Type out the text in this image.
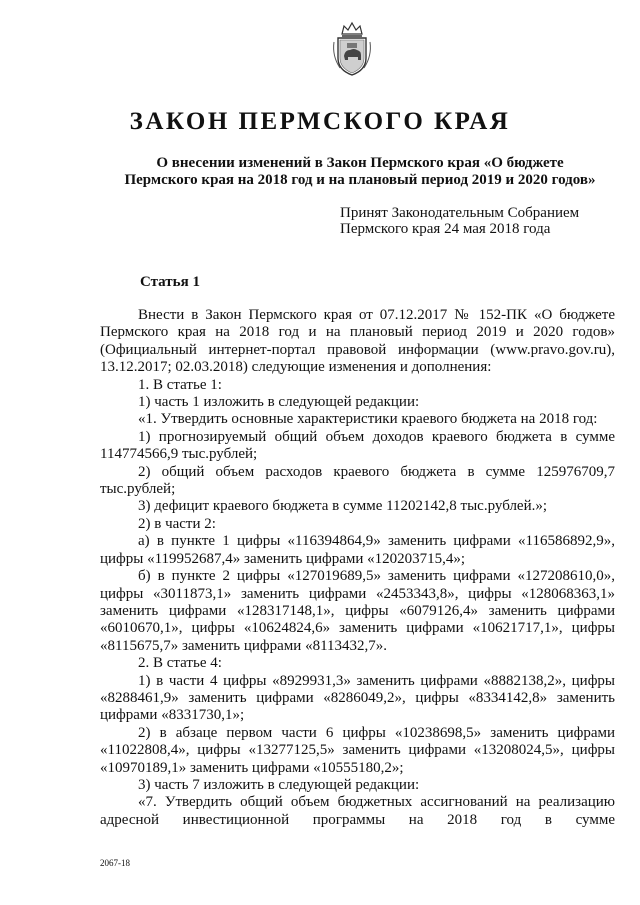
ЗАКОН ПЕРМСКОГО КРАЯ
О внесении изменений в Закон Пермского края «О бюджете
Пермского края на 2018 год и на плановый период 2019 и 2020 годов»
Принят Законодательным Собранием
Пермского края 24 мая 2018 года
Статья 1

Внести в Закон Пермского края от 07.12.2017 № 152-ПК «О бюджете Пермского края на 2018 год и на плановый период 2019 и 2020 годов» (Официальный интернет-портал правовой информации (www.pravo.gov.ru), 13.12.2017; 02.03.2018) следующие изменения и дополнения:

1. В статье 1:

1) часть 1 изложить в следующей редакции:

«1. Утвердить основные характеристики краевого бюджета на 2018 год:

1) прогнозируемый общий объем доходов краевого бюджета в сумме 114774566,9 тыс.рублей;

2) общий объем расходов краевого бюджета в сумме 125976709,7 тыс.рублей;

3) дефицит краевого бюджета в сумме 11202142,8 тыс.рублей.»;

2) в части 2:

а) в пункте 1 цифры «116394864,9» заменить цифрами «116586892,9», цифры «119952687,4» заменить цифрами «120203715,4»;

б) в пункте 2 цифры «127019689,5» заменить цифрами «127208610,0», цифры «3011873,1» заменить цифрами «2453343,8», цифры «128068363,1» заменить цифрами «128317148,1», цифры «6079126,4» заменить цифрами «6010670,1», цифры «10624824,6» заменить цифрами «10621717,1», цифры «8115675,7» заменить цифрами «8113432,7».

2. В статье 4:

1) в части 4 цифры «8929931,3» заменить цифрами «8882138,2», цифры «8288461,9» заменить цифрами «8286049,2», цифры «8334142,8» заменить цифрами «8331730,1»;

2) в абзаце первом части 6 цифры «10238698,5» заменить цифрами «11022808,4», цифры «13277125,5» заменить цифрами «13208024,5», цифры «10970189,1» заменить цифрами «10555180,2»;

3) часть 7 изложить в следующей редакции:

«7. Утвердить общий объем бюджетных ассигнований на реализацию адресной инвестиционной программы на 2018 год в сумме

2067-18
